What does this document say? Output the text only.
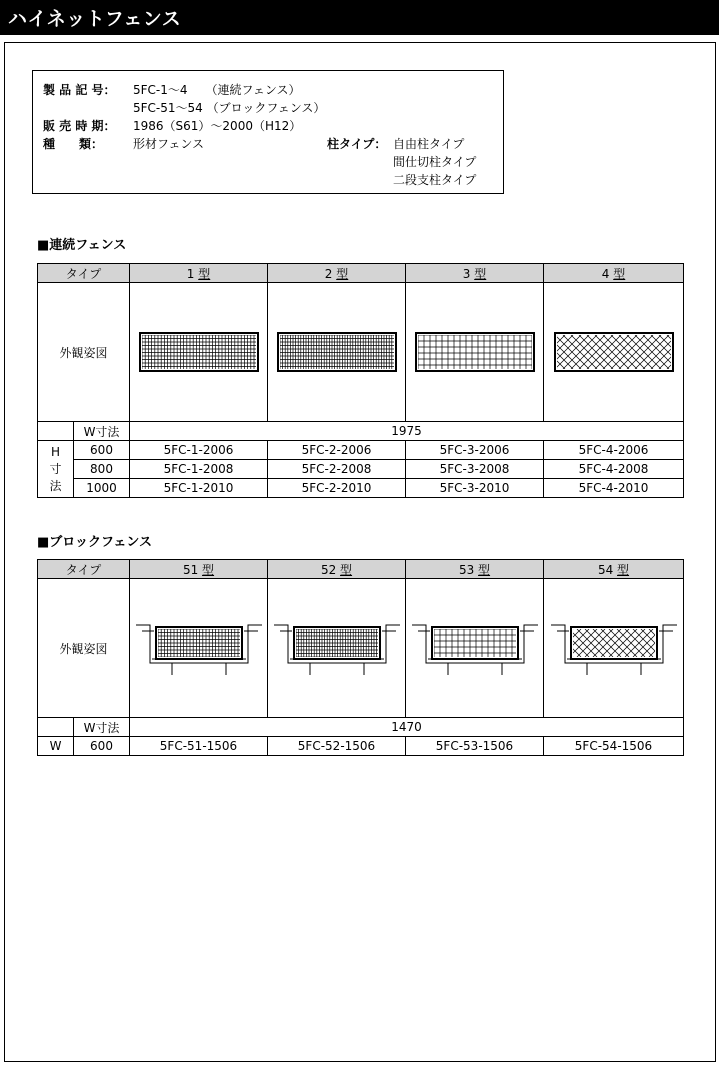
ハイネットフェンス
製 品 記 号： 5FC-1〜4　　（連続フェンス）
5FC-51〜54 （ブロックフェンス）
販 売 時 期： 1986（S61）〜2000（H12）
種　　類： 形材フェンス	柱タイプ： 自由柱タイプ
間仕切柱タイプ
二段支柱タイプ
■連続フェンス
タイプ		1 型	2 型	3 型	4 型
外観姿図	

	W寸法	1975			
H
寸
法	600	5FC-1-2006	5FC-2-2006	5FC-3-2006	5FC-4-2006
	800	5FC-1-2008	5FC-2-2008	5FC-3-2008	5FC-4-2008
	1000	5FC-1-2010	5FC-2-2010	5FC-3-2010	5FC-4-2010
■ブロックフェンス
タイプ		51 型	52 型	53 型	54 型
外観姿図	

	W寸法	1470			
W	600	5FC-51-1506	5FC-52-1506	5FC-53-1506	5FC-54-1506
